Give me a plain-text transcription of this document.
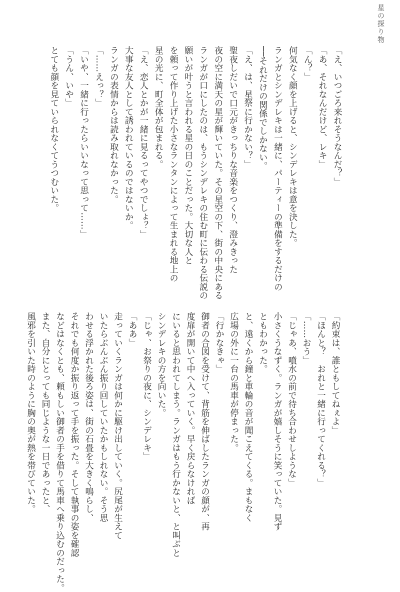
星の探り物
「え、いつごろ来れそうなんだ？」
「あ、それなんだけど、レキ」
「ん？」
何気なく顔を上げると、シンデレキは意を決した。
ランガとシンデレキは一緒に、パーティーの準備をするだけの
──それだけの関係でしかない。
「え、は、星祭に行かない？」
聖夜しだいで口元がきっちりな音楽をつくり、澄みきった
夜の空に満天の星が輝いていた。その星空の下、街の中央にある
ランガが口にしたのは、もうシンデレキの住む町に伝わる伝説の
願いが叶うと言われる星の日のことだった。大切な人と
を頼って作り上げた小さなランタンによって生まれる地上の
星の光に、町全体が包まれる。
「え、恋人とかが一緒に見るってやつでしょ？」
大事な友人として誘われているのではないか。
ランガの表情からは読み取れなかった。
「……えっ？」
「いや、一緒に行ったらいいなって思って……」
「うん、いや」
とても顔を見ていられなくてうつむいた。
「約束は、誰ともしてねぇよ」
「ほんと？　おれと一緒に行ってくれる？」
「……おう」
「じゃあ、噴水の前で待ち合わせしような」
小さくうなずく。ランガが嬉しそうに笑っていた。見ず
ともわかった。
と、遠くから鐘と車輪の音が聞こえてくる。まもなく
広場の外に一台の馬車が停まった。
「行かなきゃ」
御者の合図を受けて、背筋を伸ばしたランガの顔が、再
度扉が開いて中へ入っていく。早く戻らなければ
にいると思われてしまう。ランガはもう行かないと、と叫ぶと
シンデレキの方を向いた。
「じゃ、お祭りの夜に、シンデレキ」
「ああ」
走っていくランガは何かに駆け出していく。尻尾が生えて
いたらぶんぶん振り回していたかもしれない。そう思
わせる浮かれた後ろ姿は、街の石畳を大きく鳴らし、
それでも何度か振り返って手を振った。そして執事の姿を確認
などはなくとも、頼もしい御者の手を借りて馬車へ乗り込むのだった。
また、自分にとっても同じような一日であったと、
風邪を引いた時のように胸の奥が熱を帯びていた。
